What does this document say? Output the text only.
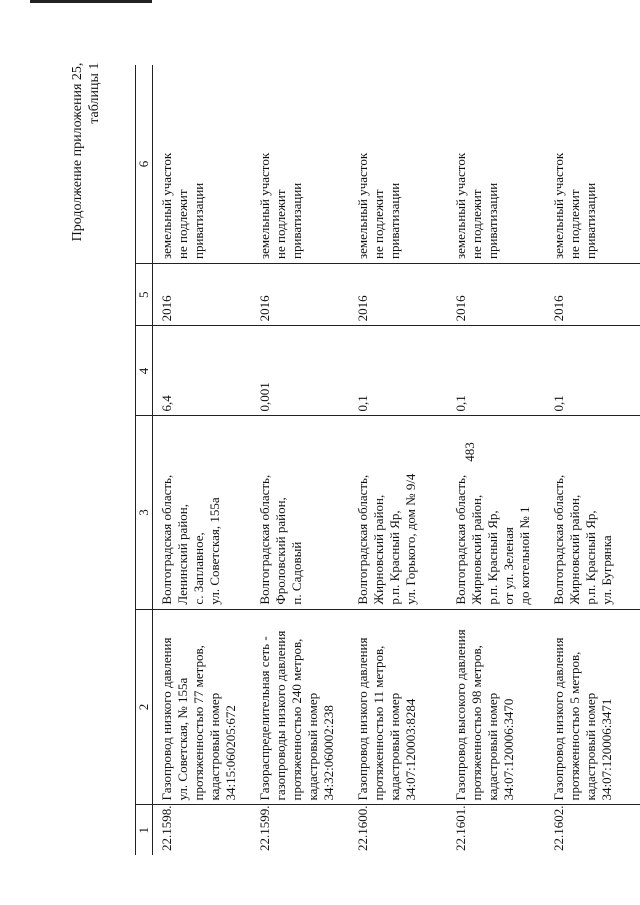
483
Продолжение приложения 25, таблицы 1
1	2	3	4	5	6
22.1598.	Газопровод низкого давления
ул. Советская, № 155а
протяженностью 77 метров,
кадастровый номер
34:15:060205:672	Волгоградская область,
Ленинский район,
с. Заплавное,
ул. Советская, 155а	6,4	2016	земельный участок
не подлежит
приватизации

22.1599.	Газораспределительная сеть -
газопроводы низкого давления
протяженностью 240 метров,
кадастровый номер
34:32:060002:238	Волгоградская область,
Фроловский район,
п. Садовый	0,001	2016	земельный участок
не подлежит
приватизации

22.1600.	Газопровод низкого давления
протяженностью 11 метров,
кадастровый номер
34:07:120003:8284	Волгоградская область,
Жирновский район,
р.п. Красный Яр,
ул. Горького, дом № 9/4	0,1	2016	земельный участок
не подлежит
приватизации

22.1601.	Газопровод высокого давления
протяженностью 98 метров,
кадастровый номер
34:07:120006:3470	Волгоградская область,
Жирновский район,
р.п. Красный Яр,
от ул. Зеленая
до котельной № 1	0,1	2016	земельный участок
не подлежит
приватизации

22.1602.	Газопровод низкого давления
протяженностью 5 метров,
кадастровый номер
34:07:120006:3471	Волгоградская область,
Жирновский район,
р.п. Красный Яр,
ул. Бугрянка	0,1	2016	земельный участок
не подлежит
приватизации
